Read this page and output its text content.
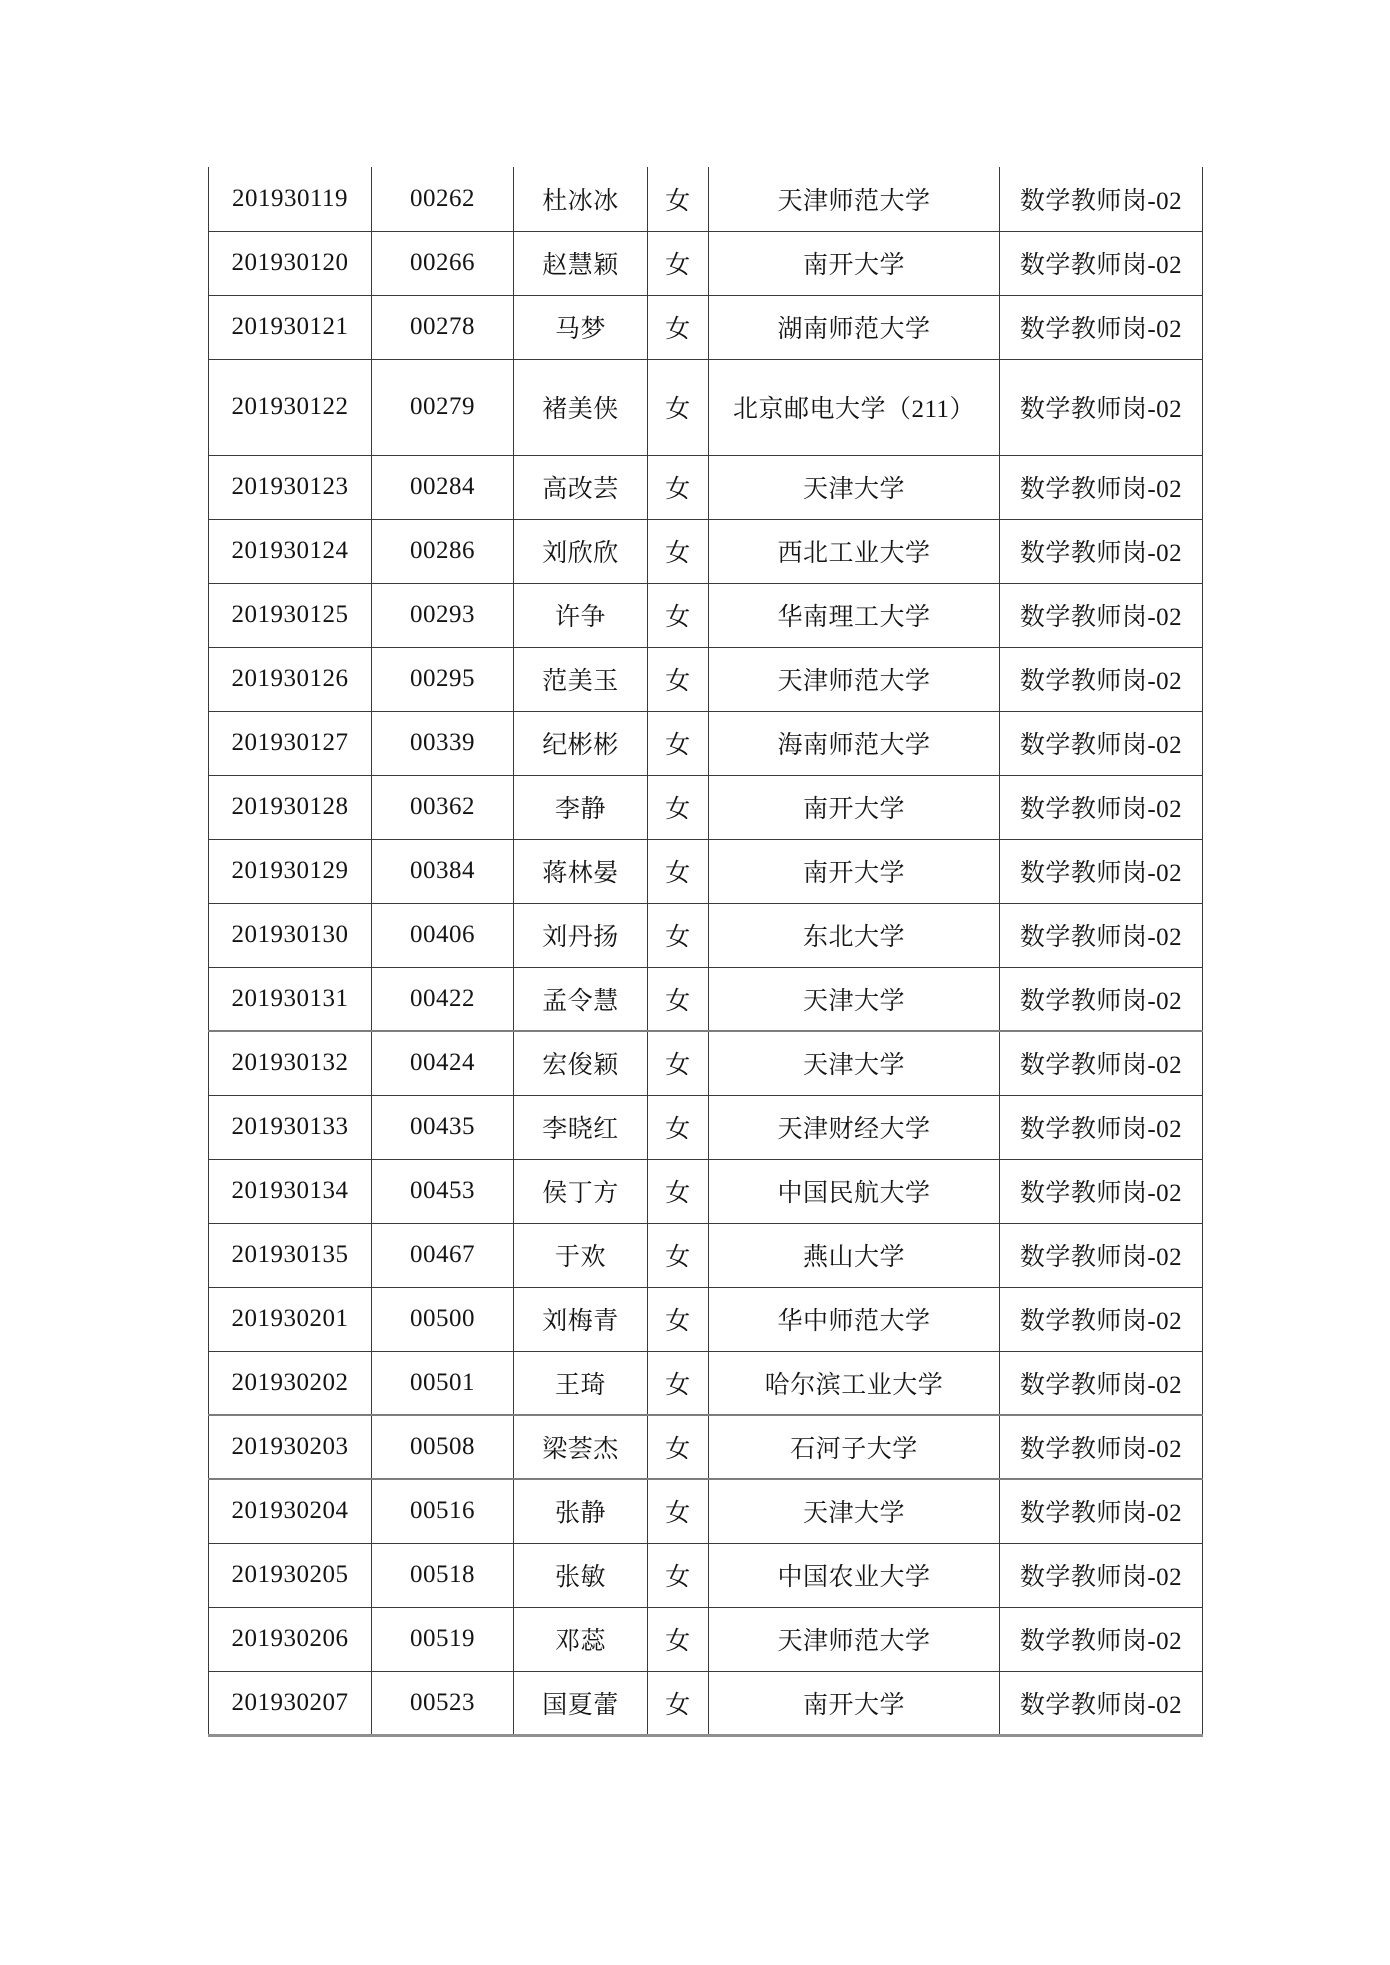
201930119	00262	杜冰冰	女	天津师范大学	数学教师岗-02
201930120	00266	赵慧颖	女	南开大学	数学教师岗-02
201930121	00278	马梦	女	湖南师范大学	数学教师岗-02
201930122	00279	褚美侠	女	北京邮电大学（211）	数学教师岗-02
201930123	00284	高改芸	女	天津大学	数学教师岗-02
201930124	00286	刘欣欣	女	西北工业大学	数学教师岗-02
201930125	00293	许争	女	华南理工大学	数学教师岗-02
201930126	00295	范美玉	女	天津师范大学	数学教师岗-02
201930127	00339	纪彬彬	女	海南师范大学	数学教师岗-02
201930128	00362	李静	女	南开大学	数学教师岗-02
201930129	00384	蒋林晏	女	南开大学	数学教师岗-02
201930130	00406	刘丹扬	女	东北大学	数学教师岗-02
201930131	00422	孟令慧	女	天津大学	数学教师岗-02
201930132	00424	宏俊颖	女	天津大学	数学教师岗-02
201930133	00435	李晓红	女	天津财经大学	数学教师岗-02
201930134	00453	侯丁方	女	中国民航大学	数学教师岗-02
201930135	00467	于欢	女	燕山大学	数学教师岗-02
201930201	00500	刘梅青	女	华中师范大学	数学教师岗-02
201930202	00501	王琦	女	哈尔滨工业大学	数学教师岗-02
201930203	00508	梁荟杰	女	石河子大学	数学教师岗-02
201930204	00516	张静	女	天津大学	数学教师岗-02
201930205	00518	张敏	女	中国农业大学	数学教师岗-02
201930206	00519	邓蕊	女	天津师范大学	数学教师岗-02
201930207	00523	国夏蕾	女	南开大学	数学教师岗-02
